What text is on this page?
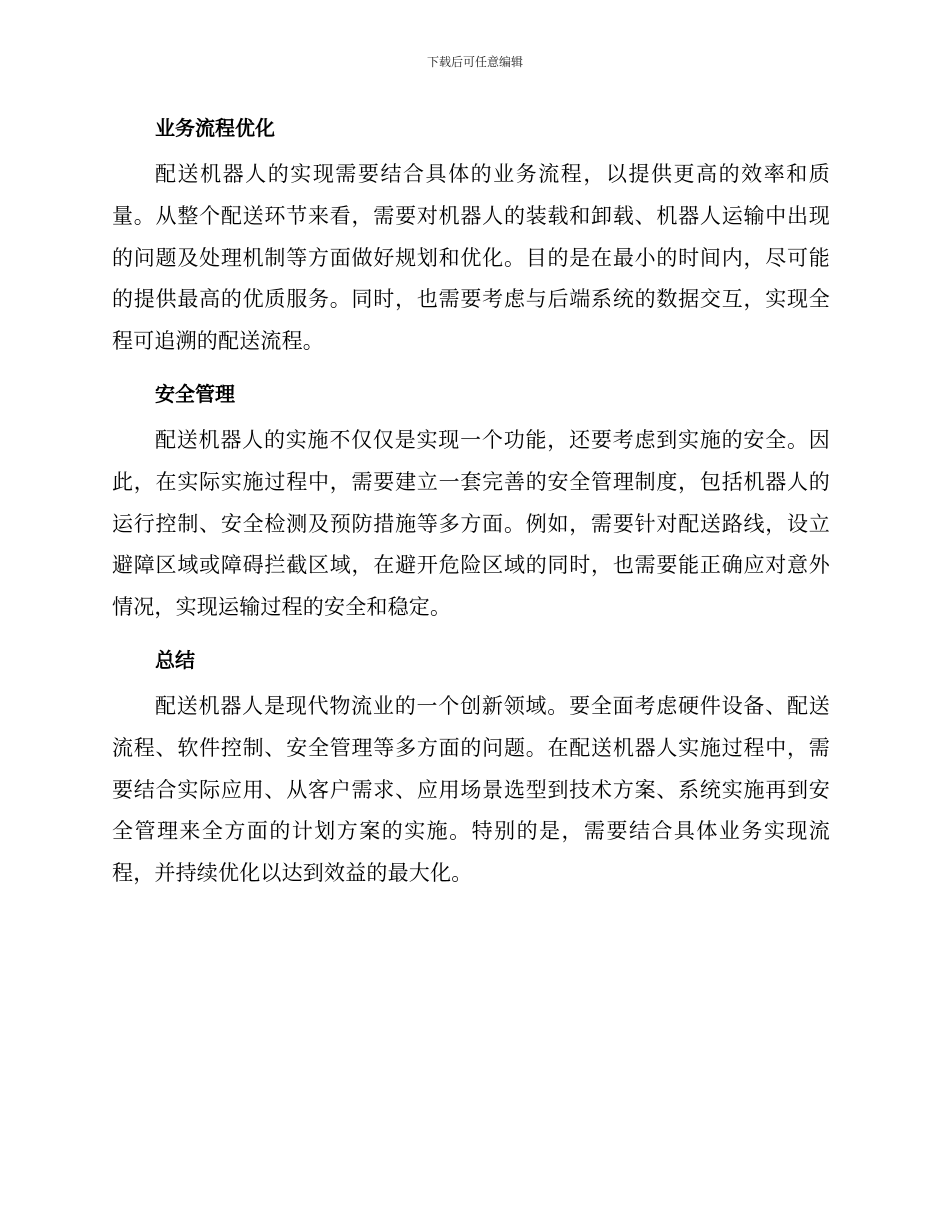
下载后可任意编辑
业务流程优化

配送机器人的实现需要结合具体的业务流程，以提供更高的效率和质量。从整个配送环节来看，需要对机器人的装载和卸载、机器人运输中出现的问题及处理机制等方面做好规划和优化。目的是在最小的时间内，尽可能的提供最高的优质服务。同时，也需要考虑与后端系统的数据交互，实现全程可追溯的配送流程。

安全管理

配送机器人的实施不仅仅是实现一个功能，还要考虑到实施的安全。因此，在实际实施过程中，需要建立一套完善的安全管理制度，包括机器人的运行控制、安全检测及预防措施等多方面。例如，需要针对配送路线，设立避障区域或障碍拦截区域，在避开危险区域的同时，也需要能正确应对意外情况，实现运输过程的安全和稳定。

总结

配送机器人是现代物流业的一个创新领域。要全面考虑硬件设备、配送流程、软件控制、安全管理等多方面的问题。在配送机器人实施过程中，需要结合实际应用、从客户需求、应用场景选型到技术方案、系统实施再到安全管理来全方面的计划方案的实施。特别的是，需要结合具体业务实现流程，并持续优化以达到效益的最大化。
